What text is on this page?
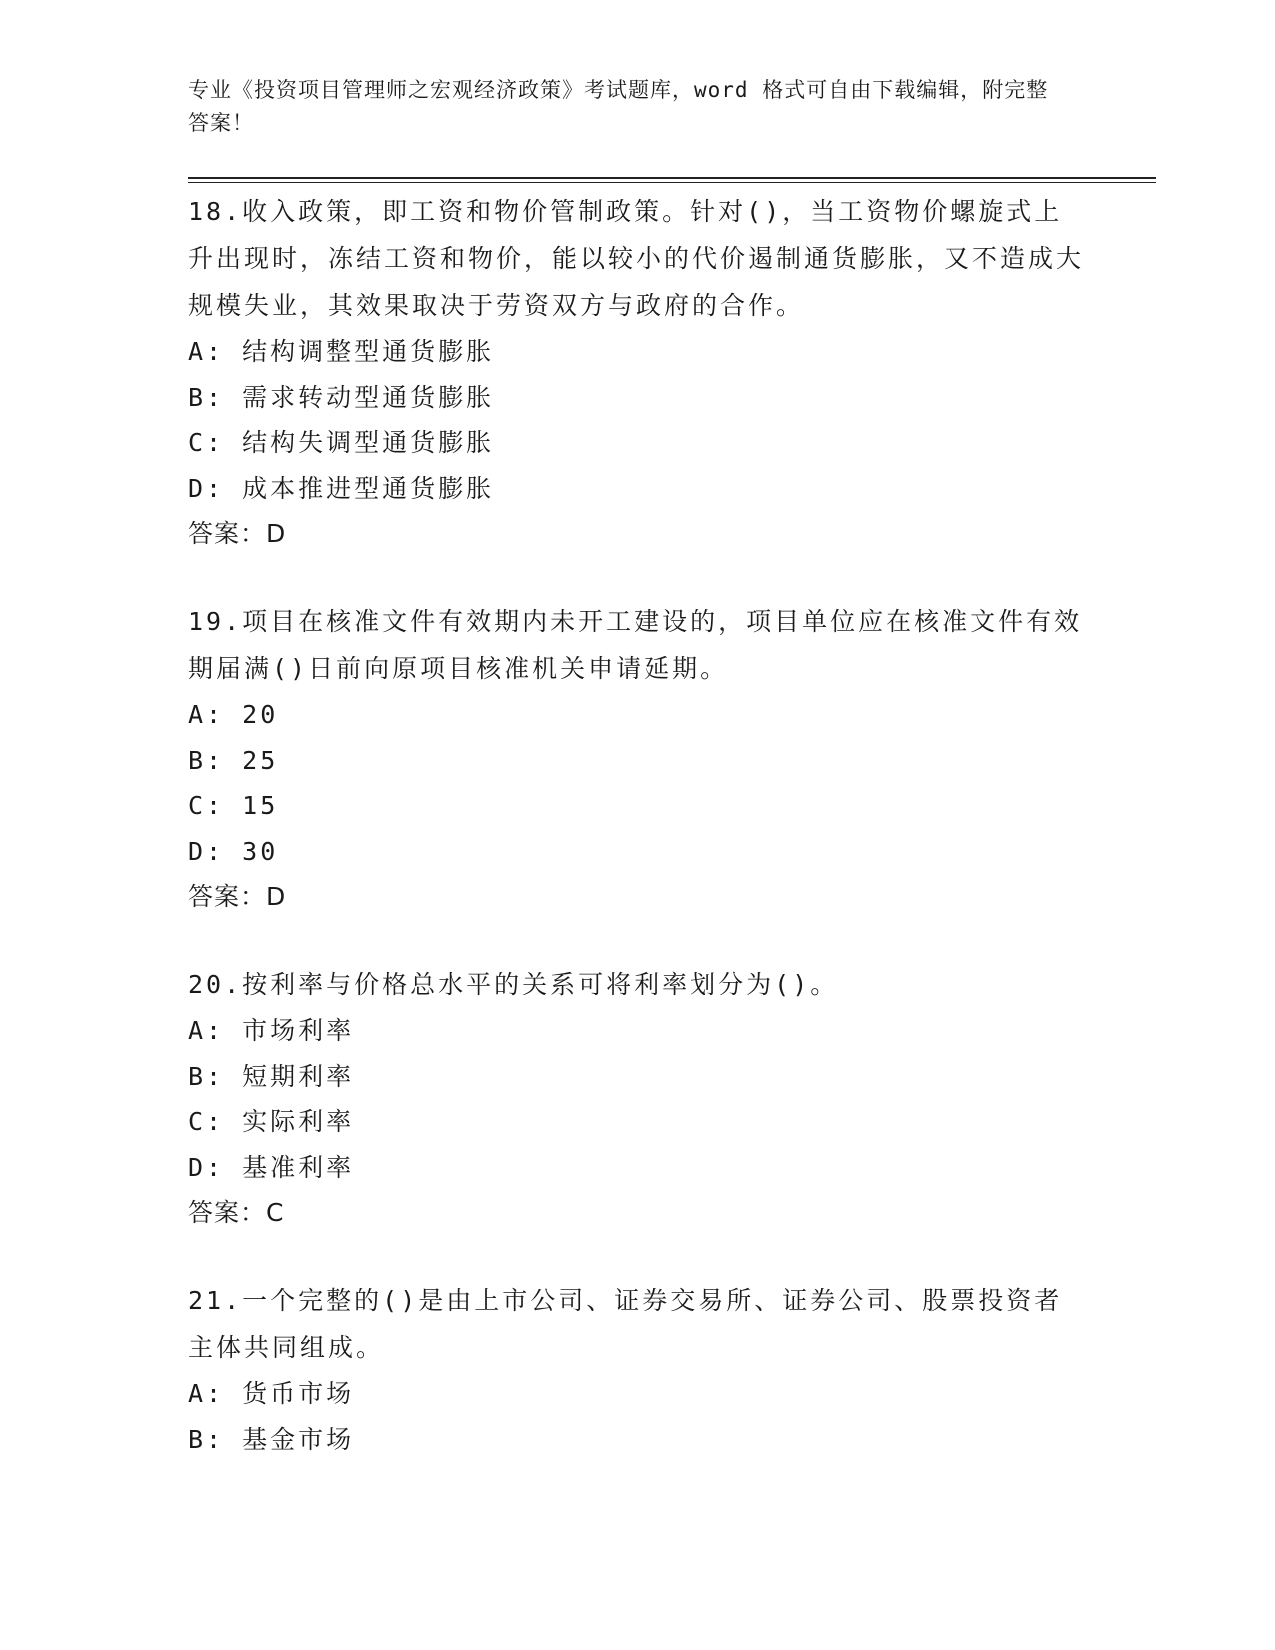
专业《投资项目管理师之宏观经济政策》考试题库，word 格式可自由下载编辑，附完整答案！

18.收入政策，即工资和物价管制政策。针对()，当工资物价螺旋式上升出现时，冻结工资和物价，能以较小的代价遏制通货膨胀，又不造成大规模失业，其效果取决于劳资双方与政府的合作。

A: 结构调整型通货膨胀

B: 需求转动型通货膨胀

C: 结构失调型通货膨胀

D: 成本推进型通货膨胀

答案：D

19.项目在核准文件有效期内未开工建设的，项目单位应在核准文件有效期届满()日前向原项目核准机关申请延期。

A: 20

B: 25

C: 15

D: 30

答案：D

20.按利率与价格总水平的关系可将利率划分为()。

A: 市场利率

B: 短期利率

C: 实际利率

D: 基准利率

答案：C

21.一个完整的()是由上市公司、证券交易所、证券公司、股票投资者主体共同组成。

A: 货币市场

B: 基金市场
